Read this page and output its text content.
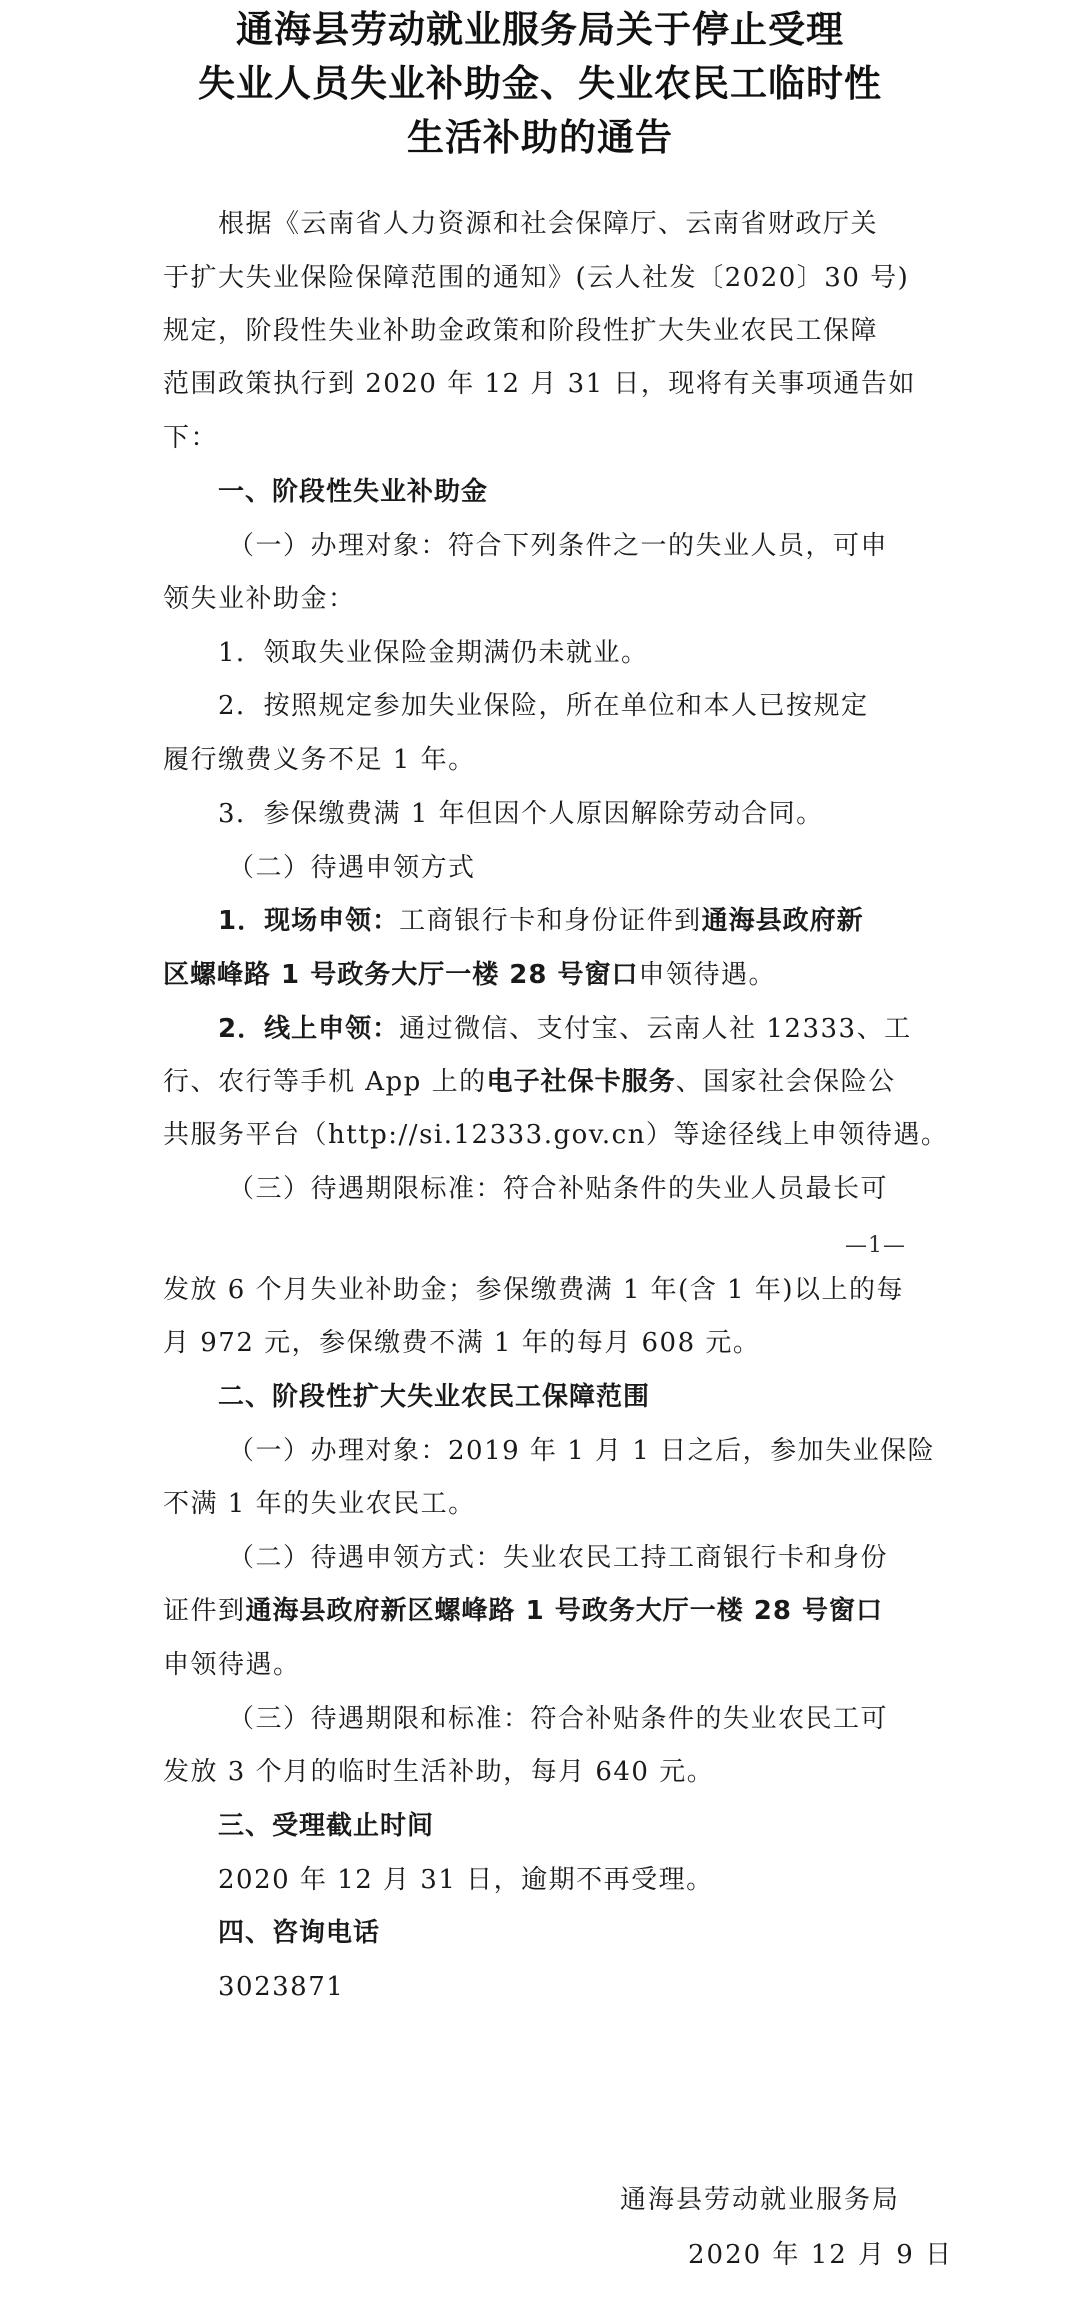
通海县劳动就业服务局关于停止受理
失业人员失业补助金、失业农民工临时性
生活补助的通告
根据《云南省人力资源和社会保障厅、云南省财政厅关
于扩大失业保险保障范围的通知》(云人社发〔2020〕30 号)
规定，阶段性失业补助金政策和阶段性扩大失业农民工保障
范围政策执行到 2020 年 12 月 31 日，现将有关事项通告如
下：
一、阶段性失业补助金
（一）办理对象：符合下列条件之一的失业人员，可申
领失业补助金：
1．领取失业保险金期满仍未就业。
2．按照规定参加失业保险，所在单位和本人已按规定
履行缴费义务不足 1 年。
3．参保缴费满 1 年但因个人原因解除劳动合同。
（二）待遇申领方式
1．现场申领：工商银行卡和身份证件到通海县政府新
区螺峰路 1 号政务大厅一楼 28 号窗口申领待遇。
2．线上申领：通过微信、支付宝、云南人社 12333、工
行、农行等手机 App 上的电子社保卡服务、国家社会保险公
共服务平台（http://si.12333.gov.cn）等途径线上申领待遇。
（三）待遇期限标准：符合补贴条件的失业人员最长可
—1—
发放 6 个月失业补助金；参保缴费满 1 年(含 1 年)以上的每
月 972 元，参保缴费不满 1 年的每月 608 元。
二、阶段性扩大失业农民工保障范围
（一）办理对象：2019 年 1 月 1 日之后，参加失业保险
不满 1 年的失业农民工。
（二）待遇申领方式：失业农民工持工商银行卡和身份
证件到通海县政府新区螺峰路 1 号政务大厅一楼 28 号窗口
申领待遇。
（三）待遇期限和标准：符合补贴条件的失业农民工可
发放 3 个月的临时生活补助，每月 640 元。
三、受理截止时间
2020 年 12 月 31 日，逾期不再受理。
四、咨询电话
3023871
通海县劳动就业服务局
2020 年 12 月 9 日
